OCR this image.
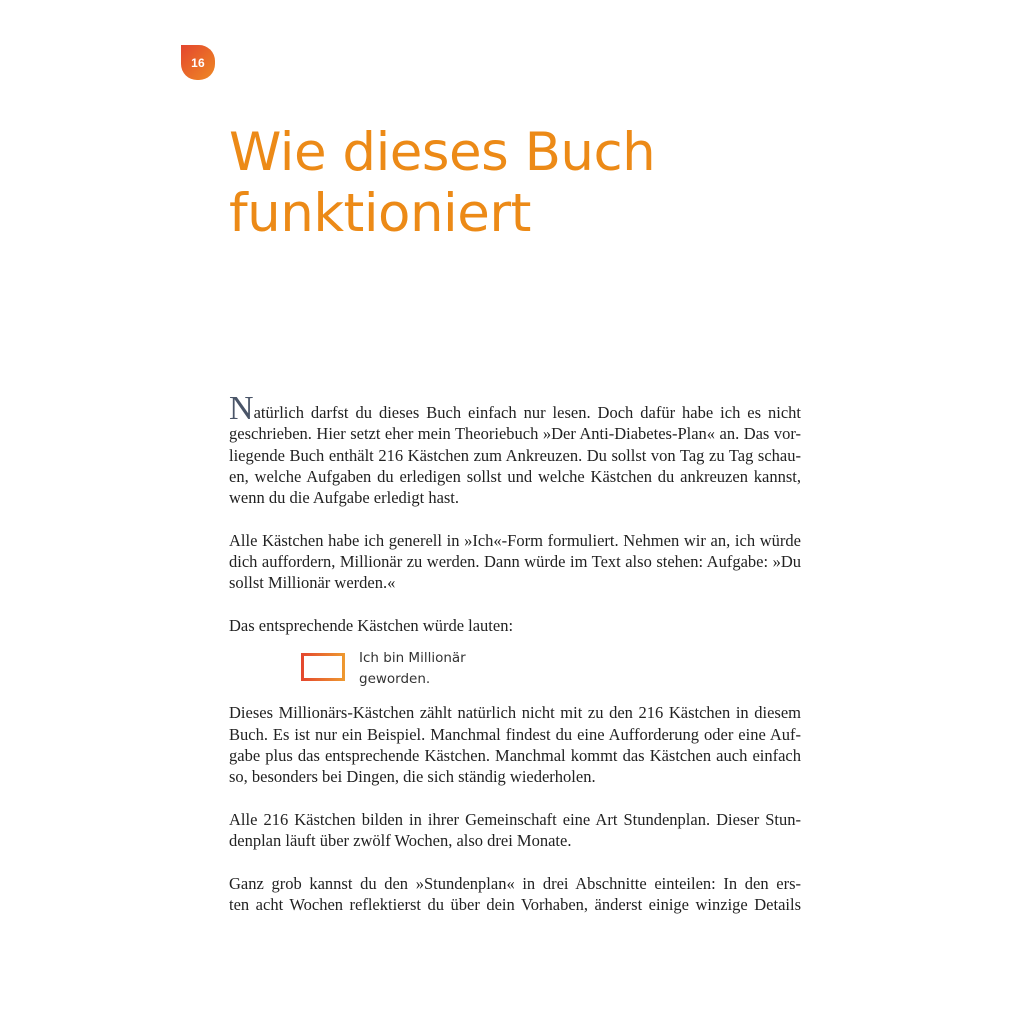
16
Wie dieses Buch
funktioniert
Natürlich darfst du dieses Buch einfach nur lesen. Doch dafür habe ich es nicht
geschrieben. Hier setzt eher mein Theoriebuch »Der Anti-Diabetes-Plan« an. Das vor-
liegende Buch enthält 216 Kästchen zum Ankreuzen. Du sollst von Tag zu Tag schau-
en, welche Aufgaben du erledigen sollst und welche Kästchen du ankreuzen kannst,
wenn du die Aufgabe erledigt hast.
Alle Kästchen habe ich generell in »Ich«-Form formuliert. Nehmen wir an, ich würde
dich auffordern, Millionär zu werden. Dann würde im Text also stehen: Aufgabe: »Du
sollst Millionär werden.«
Das entsprechende Kästchen würde lauten:
Ich bin Millionär
geworden.
Dieses Millionärs-Kästchen zählt natürlich nicht mit zu den 216 Kästchen in diesem
Buch. Es ist nur ein Beispiel. Manchmal findest du eine Aufforderung oder eine Auf-
gabe plus das entsprechende Kästchen. Manchmal kommt das Kästchen auch einfach
so, besonders bei Dingen, die sich ständig wiederholen.
Alle 216 Kästchen bilden in ihrer Gemeinschaft eine Art Stundenplan. Dieser Stun-
denplan läuft über zwölf Wochen, also drei Monate.
Ganz grob kannst du den »Stundenplan« in drei Abschnitte einteilen: In den ers-
ten acht Wochen reflektierst du über dein Vorhaben, änderst einige winzige Details
